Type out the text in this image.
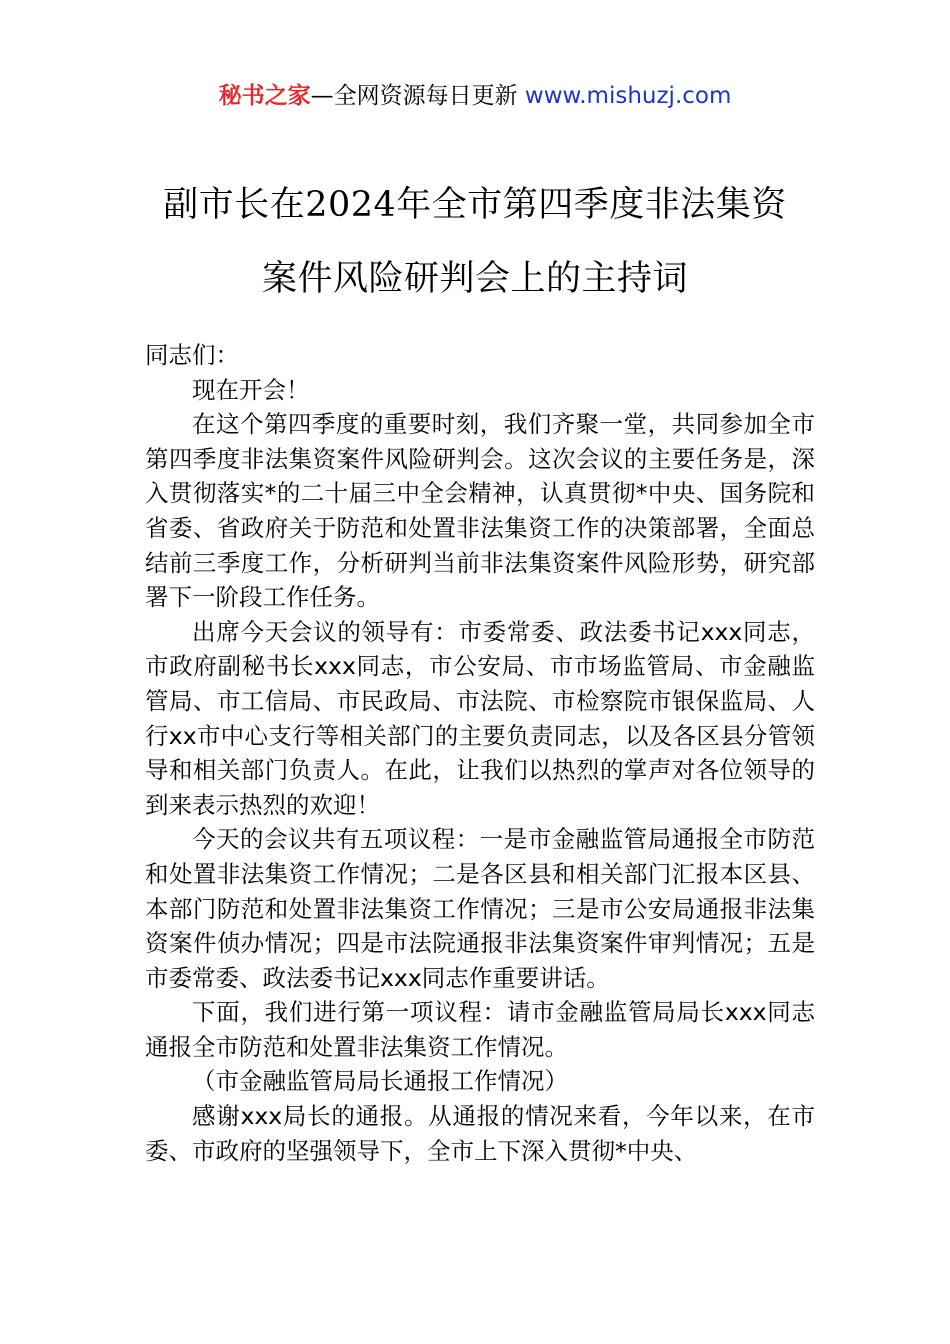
秘书之家—全网资源每日更新 www.mishuzj.com
副市长在2024年全市第四季度非法集资
案件风险研判会上的主持词

同志们：

现在开会！

在这个第四季度的重要时刻，我们齐聚一堂，共同参加全市第四季度非法集资案件风险研判会。这次会议的主要任务是，深入贯彻落实*的二十届三中全会精神，认真贯彻*中央、国务院和省委、省政府关于防范和处置非法集资工作的决策部署，全面总结前三季度工作，分析研判当前非法集资案件风险形势，研究部署下一阶段工作任务。

出席今天会议的领导有：市委常委、政法委书记xxx同志，市政府副秘书长xxx同志，市公安局、市市场监管局、市金融监管局、市工信局、市民政局、市法院、市检察院市银保监局、人行xx市中心支行等相关部门的主要负责同志，以及各区县分管领导和相关部门负责人。在此，让我们以热烈的掌声对各位领导的到来表示热烈的欢迎！

今天的会议共有五项议程：一是市金融监管局通报全市防范和处置非法集资工作情况；二是各区县和相关部门汇报本区县、本部门防范和处置非法集资工作情况；三是市公安局通报非法集资案件侦办情况；四是市法院通报非法集资案件审判情况；五是市委常委、政法委书记xxx同志作重要讲话。

下面，我们进行第一项议程：请市金融监管局局长xxx同志通报全市防范和处置非法集资工作情况。

（市金融监管局局长通报工作情况）

感谢xxx局长的通报。从通报的情况来看，今年以来，在市委、市政府的坚强领导下，全市上下深入贯彻*中央、
